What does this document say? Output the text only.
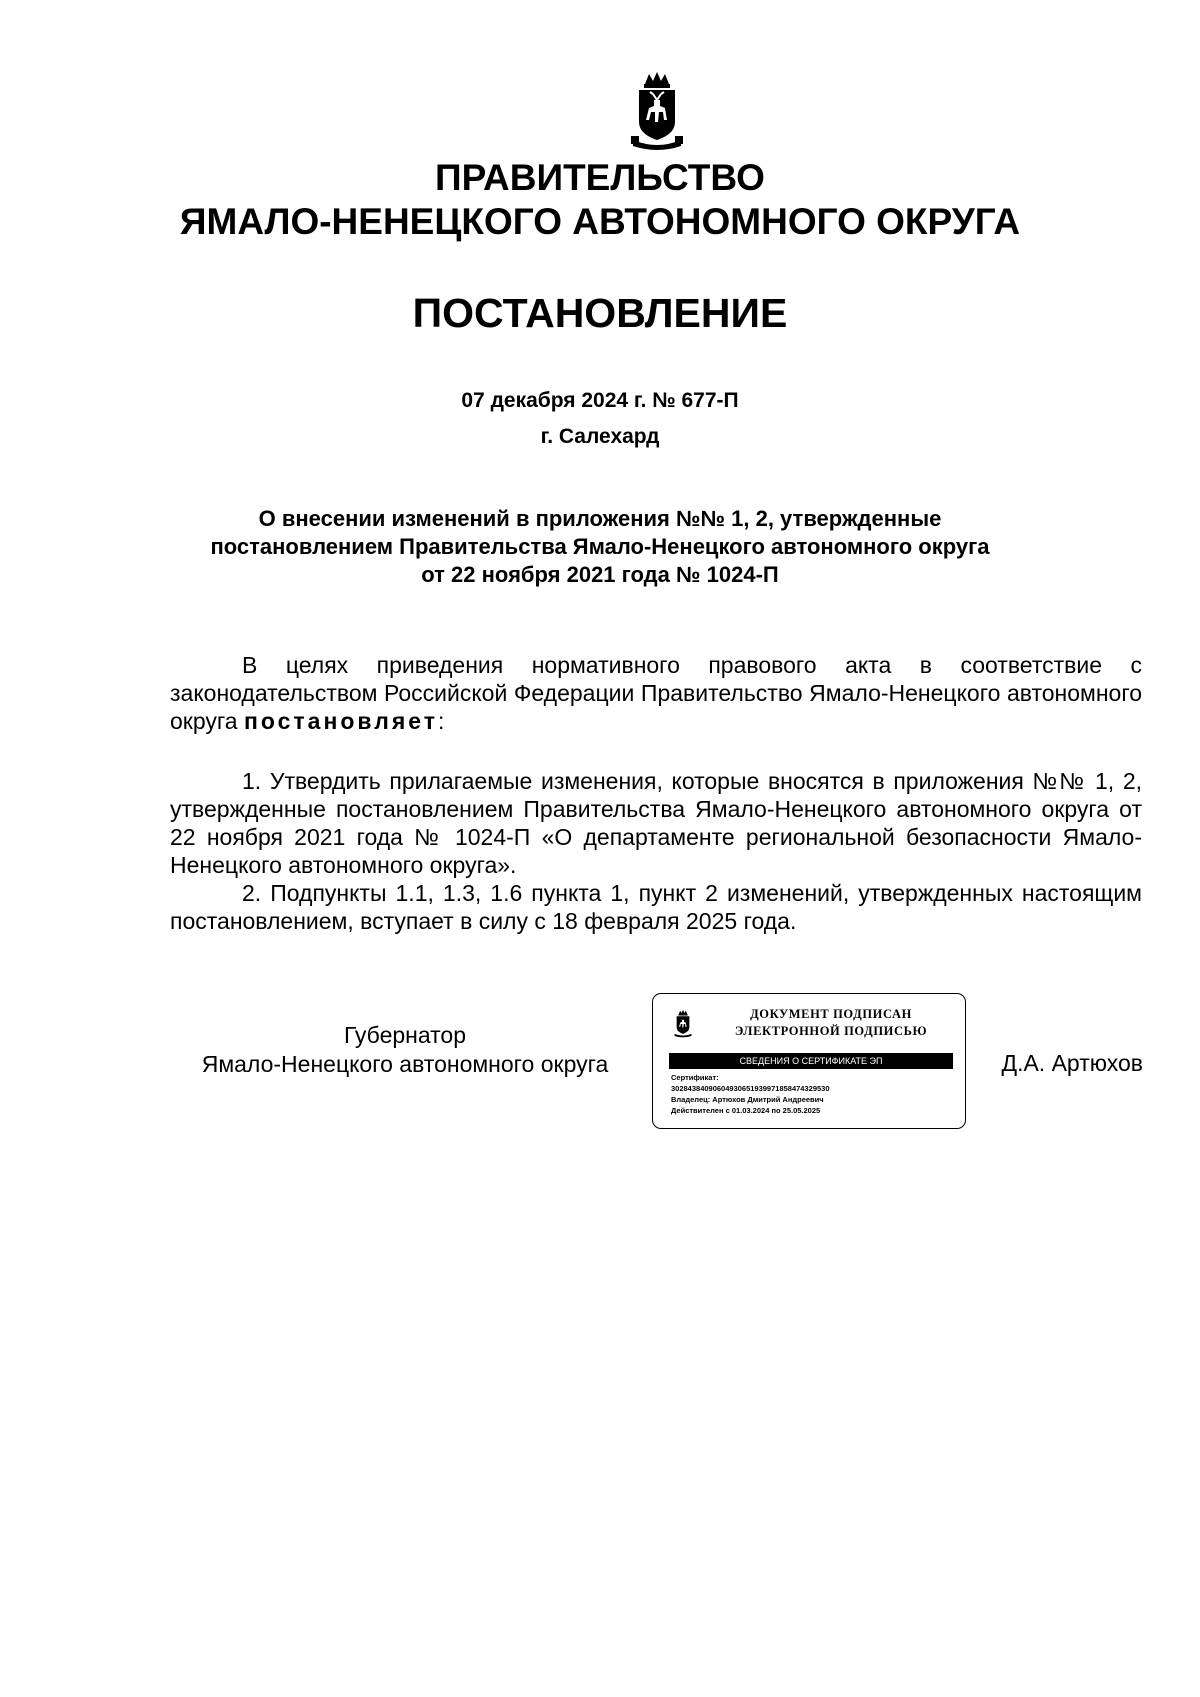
ПРАВИТЕЛЬСТВО
ЯМАЛО-НЕНЕЦКОГО АВТОНОМНОГО ОКРУГА
ПОСТАНОВЛЕНИЕ
07 декабря 2024 г. № 677-П
г. Салехард
О внесении изменений в приложения №№ 1, 2, утвержденные
постановлением Правительства Ямало-Ненецкого автономного округа
от 22 ноября 2021 года № 1024-П

В целях приведения нормативного правового акта в соответствие с законодательством Российской Федерации Правительство Ямало-Ненецкого автономного округа постановляет:

1. Утвердить прилагаемые изменения, которые вносятся в приложения №№ 1, 2, утвержденные постановлением Правительства Ямало-Ненецкого автономного округа от 22 ноября 2021 года № 1024-П «О департаменте региональной безопасности Ямало-Ненецкого автономного округа».

2. Подпункты 1.1, 1.3, 1.6 пункта 1, пункт 2 изменений, утвержденных настоящим постановлением, вступает в силу с 18 февраля 2025 года.

Губернатор
Ямало-Ненецкого автономного округа
ДОКУМЕНТ ПОДПИСАН
ЭЛЕКТРОННОЙ ПОДПИСЬЮ
СВЕДЕНИЯ О СЕРТИФИКАТЕ ЭП
Сертификат:
30284384090604930651939971858474329530
Владелец: Артюхов Дмитрий Андреевич
Действителен с 01.03.2024 по 25.05.2025
Д.А. Артюхов
